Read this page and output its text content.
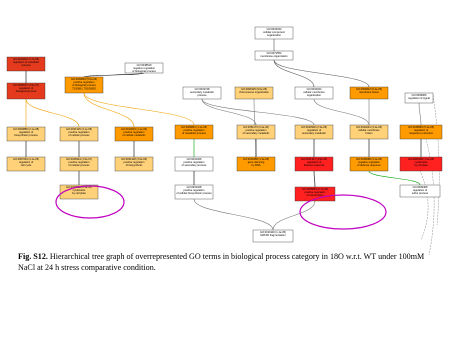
GO:0016043
cellular component
organization
GO:0071554
membrane organization
GO:0019222 (1.7e-05)
regulation of metabolic
process	GO:0048519
negative regulation
of biological process
GO:0009893 (5.0e-06)
positive regulation
of biological process
73/2996 | 705/39953
GO:0065007 (4.5e-07)
regulation of
biological process
GO:0019748
secondary metabolic
process
GO:0006325 (9.6e-05)
chromosome organization
GO:0016044
cellular membrane
organization
GO:0006810 (5.4e-05)
membrane fusion
GO:0009966
regulation of signal
GO:0009889 (2.1e-08)
regulation of
biosynthetic process
GO:0031325 (3.1e-05)
positive regulation
of cellular process
GO:0010604 (1.1e-06)
positive regulation
of cellular metabolic
GO:0009891 (1.1e-05)
positive regulation
of metabolic process
GO:0051173 (3.2e-06)
positive regulation
of secondary metabolic
GO:0043900 (2.3e-05)
regulation of
secondary metabolic
GO:0044091 (3.4e-05)
cellular membrane
fusion
GO:0048583 (5.4e-05)
regulation of
response to stimulus
GO:0007049 (4.1e-05)
regulation of
cell cycle
GO:0045934 (1.5e-07)
positive regulation
of cellular process
GO:0031328 (3.5e-06)
positive regulation
of biosynthetic
GO:0031326
positive regulation
of secondary process
GO:0016458 (1.3e-05)
gene silencing
by RNA
GO:0031347 (3.9e-05)
regulation of
defense response
GO:0045088 (4.1e-05)
negative regulation
of defense response
GO:0006468 (1.2e-05)
cytokinesis
by cell plate
GO:0031328
positive regulation
of cellular biosynthetic process
GO:0045893 (2.7e-05)
positive regulation
of transcription
GO:0000911 (4.1e-05)
cytokinesis
by cell plate
GO:0010116 (1.1e-05)
MATAR fragmentation
GO:0009408
regulation of
sulfur process
Fig. S12. Hierarchical tree graph of overrepresented GO terms in biological process category in 18O w.r.t. WT under 100mM NaCl at 24 h stress comparative condition.
